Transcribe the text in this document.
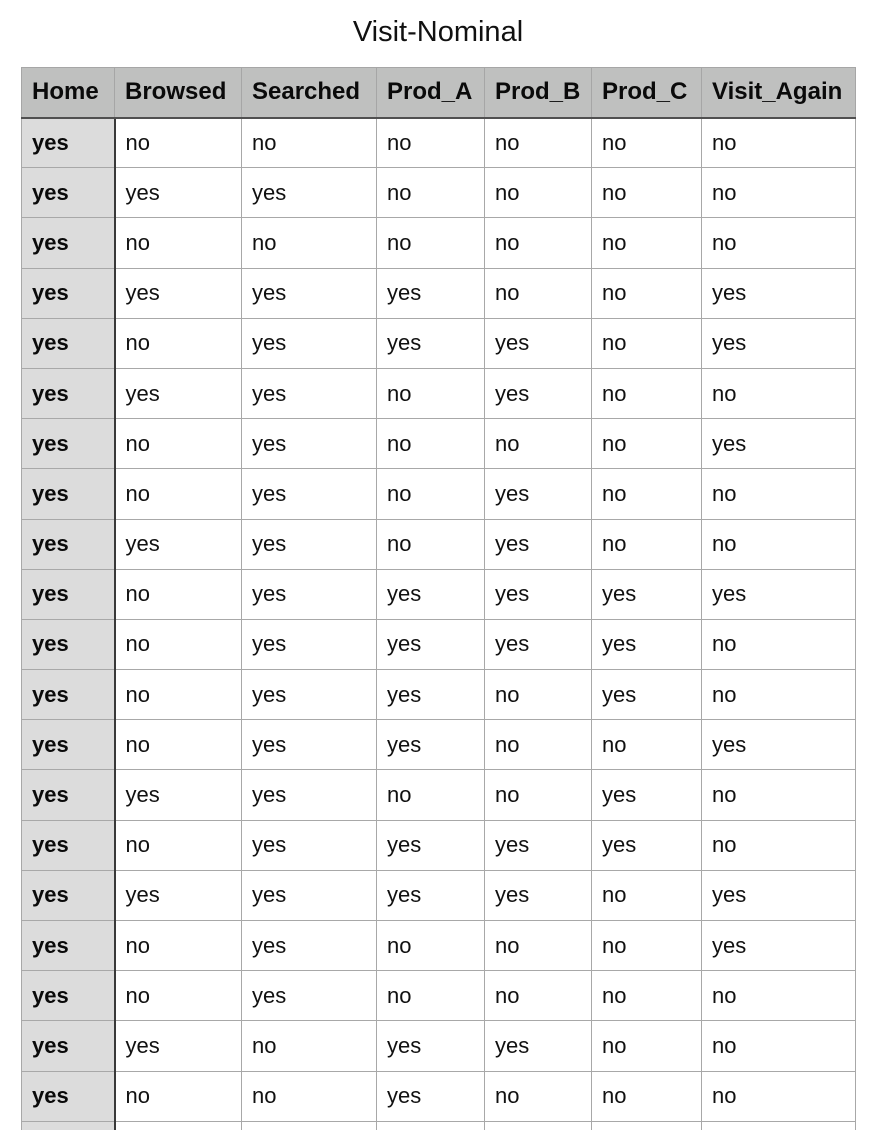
Visit-Nominal
Home	Browsed	Searched	Prod_A	Prod_B	Prod_C	Visit_Again
yes	no	no	no	no	no	no
yes	yes	yes	no	no	no	no
yes	no	no	no	no	no	no
yes	yes	yes	yes	no	no	yes
yes	no	yes	yes	yes	no	yes
yes	yes	yes	no	yes	no	no
yes	no	yes	no	no	no	yes
yes	no	yes	no	yes	no	no
yes	yes	yes	no	yes	no	no
yes	no	yes	yes	yes	yes	yes
yes	no	yes	yes	yes	yes	no
yes	no	yes	yes	no	yes	no
yes	no	yes	yes	no	no	yes
yes	yes	yes	no	no	yes	no
yes	no	yes	yes	yes	yes	no
yes	yes	yes	yes	yes	no	yes
yes	no	yes	no	no	no	yes
yes	no	yes	no	no	no	no
yes	yes	no	yes	yes	no	no
yes	no	no	yes	no	no	no
